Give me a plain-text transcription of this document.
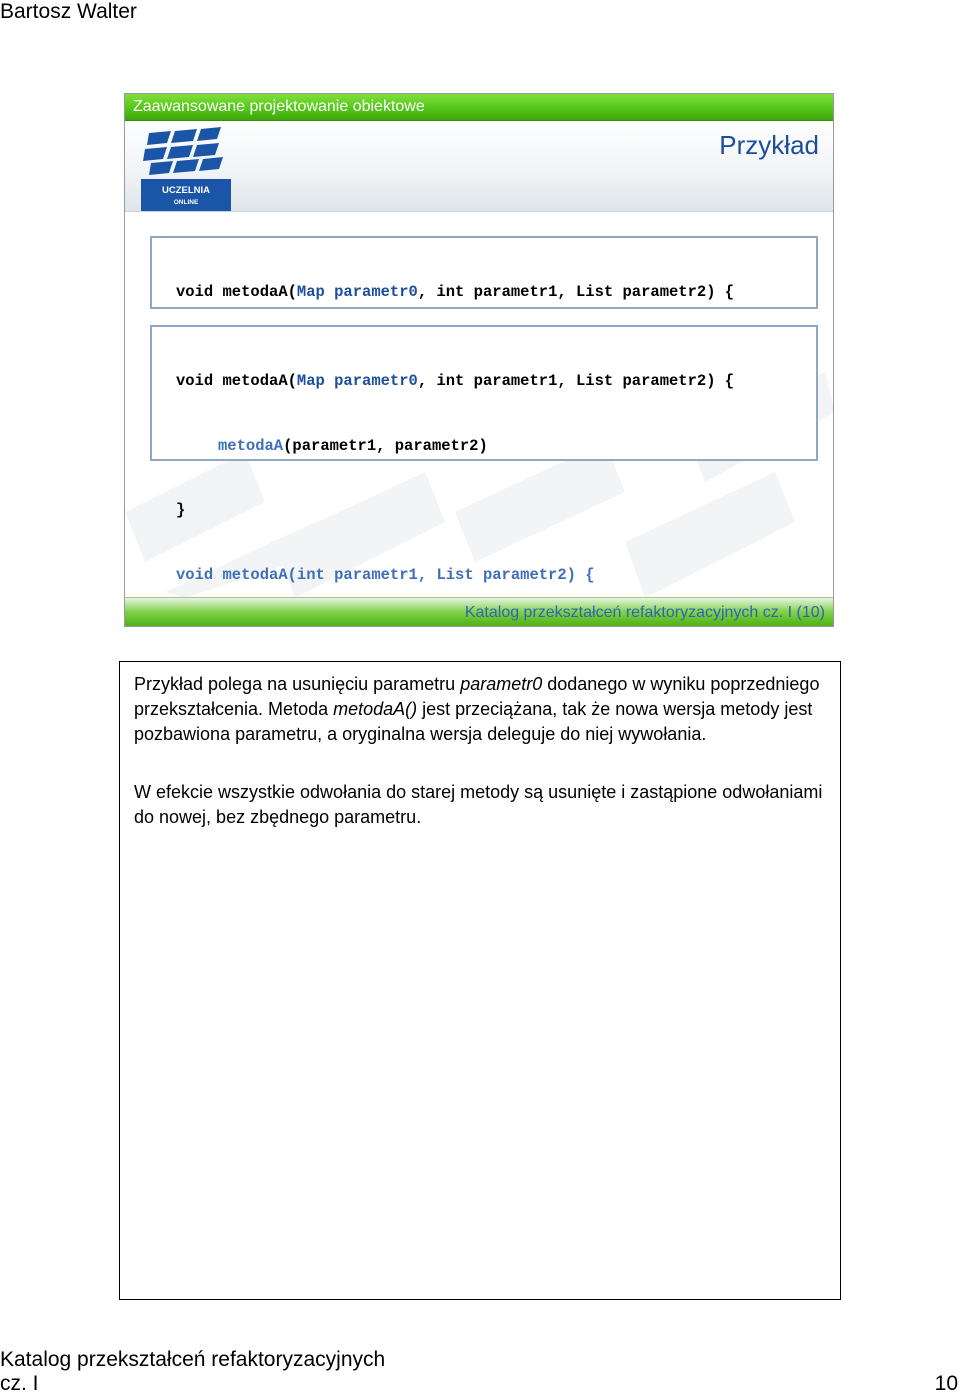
Bartosz Walter
Zaawansowane projektowanie obiektowe
UCZELNIA
ONLINE
Przykład

void metodaA(Map parametr0, int parametr1, List parametr2) {

void metodaA(Map parametr0, int parametr1, List parametr2) {

metodaA(parametr1, parametr2)

}

void metodaA(int parametr1, List parametr2) {

Katalog przekształceń refaktoryzacyjnych cz. I (10)

Przykład polega na usunięciu parametru parametr0 dodanego w wyniku poprzedniego przekształcenia. Metoda metodaA() jest przeciążana, tak że nowa wersja metody jest pozbawiona parametru, a oryginalna wersja deleguje do niej wywołania.

W efekcie wszystkie odwołania do starej metody są usunięte i zastąpione odwołaniami do nowej, bez zbędnego parametru.

Katalog przekształceń refaktoryzacyjnych
cz. I	10
